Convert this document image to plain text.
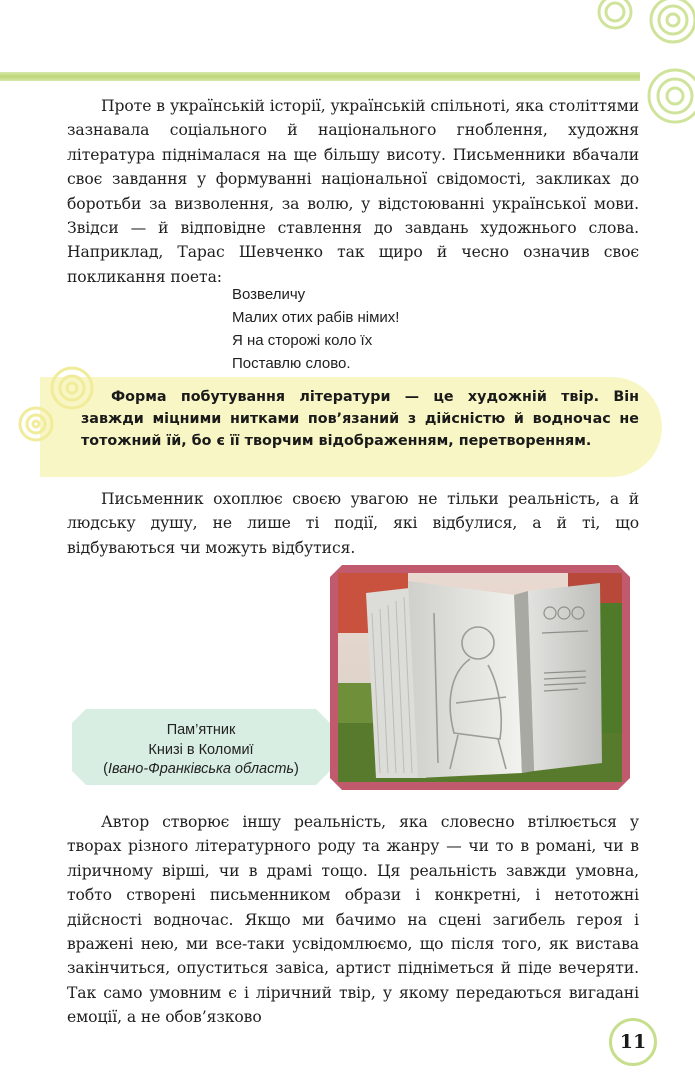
Проте в українській історії, українській спільноті, яка століттями зазнавала соціального й національного гноблення, художня література піднімалася на ще більшу висоту. Письменники вбачали своє завдання у формуванні національної свідомості, закликах до боротьби за визволення, за волю, у відстоюванні української мови. Звідси — й відповідне ставлення до завдань художнього слова. Наприклад, Тарас Шевченко так щиро й чесно означив своє покликання поета:
Возвеличу
Малих отих рабів німих!
Я на сторожі коло їх
Поставлю слово.
Форма побутування літератури — це художній твір. Він завжди міцними нитками пов’язаний з дійсністю й водночас не тотожний їй, бо є її творчим відображенням, перетворенням.
Письменник охоплює своєю увагою не тільки реальність, а й людську душу, не лише ті події, які відбулися, а й ті, що відбуваються чи можуть відбутися.
Пам’ятник
Книзі в Коломиї
(Івано-Франківська область)
Автор створює іншу реальність, яка словесно втілюється у творах різного літературного роду та жанру — чи то в романі, чи в ліричному вірші, чи в драмі тощо. Ця реальність завжди умовна, тобто створені письменником образи і конкретні, і нетотожні дійсності водночас. Якщо ми бачимо на сцені загибель героя і вражені нею, ми все-таки усвідомлюємо, що після того, як вистава закінчиться, опуститься завіса, артист підніметься й піде вечеряти. Так само умовним є і ліричний твір, у якому передаються вигадані емоції, а не обов’язково
11
